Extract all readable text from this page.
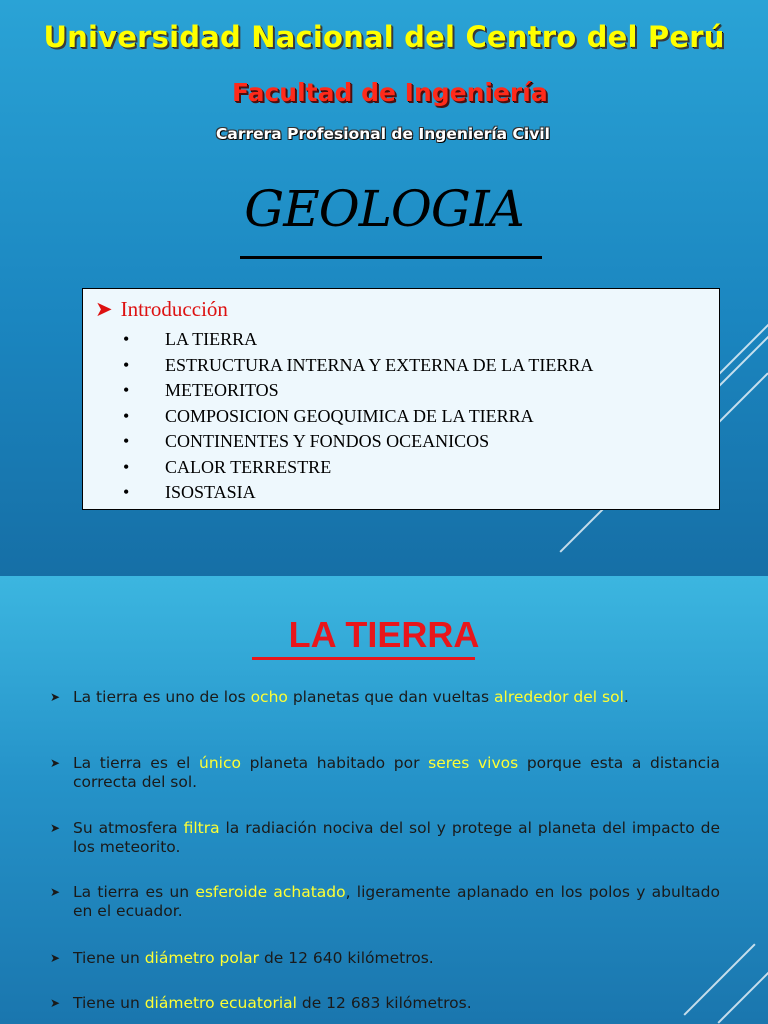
Universidad Nacional del Centro del Perú
Facultad de Ingeniería
Carrera Profesional de Ingeniería Civil
GEOLOGIA
➤ Introducción
• LA TIERRA
• ESTRUCTURA INTERNA Y EXTERNA DE LA TIERRA
• METEORITOS
• COMPOSICION GEOQUIMICA DE LA TIERRA
• CONTINENTES Y FONDOS OCEANICOS
• CALOR TERRESTRE
• ISOSTASIA
LA TIERRA
➤ La tierra es uno de los ocho planetas que dan vueltas alrededor del sol.
➤ La tierra es el único planeta habitado por seres vivos porque esta a distancia correcta del sol.
➤ Su atmosfera filtra la radiación nociva del sol y protege al planeta del impacto de los meteorito.
➤ La tierra es un esferoide achatado, ligeramente aplanado en los polos y abultado en el ecuador.
➤ Tiene un diámetro polar de 12 640 kilómetros.
➤ Tiene un diámetro ecuatorial de 12 683 kilómetros.
